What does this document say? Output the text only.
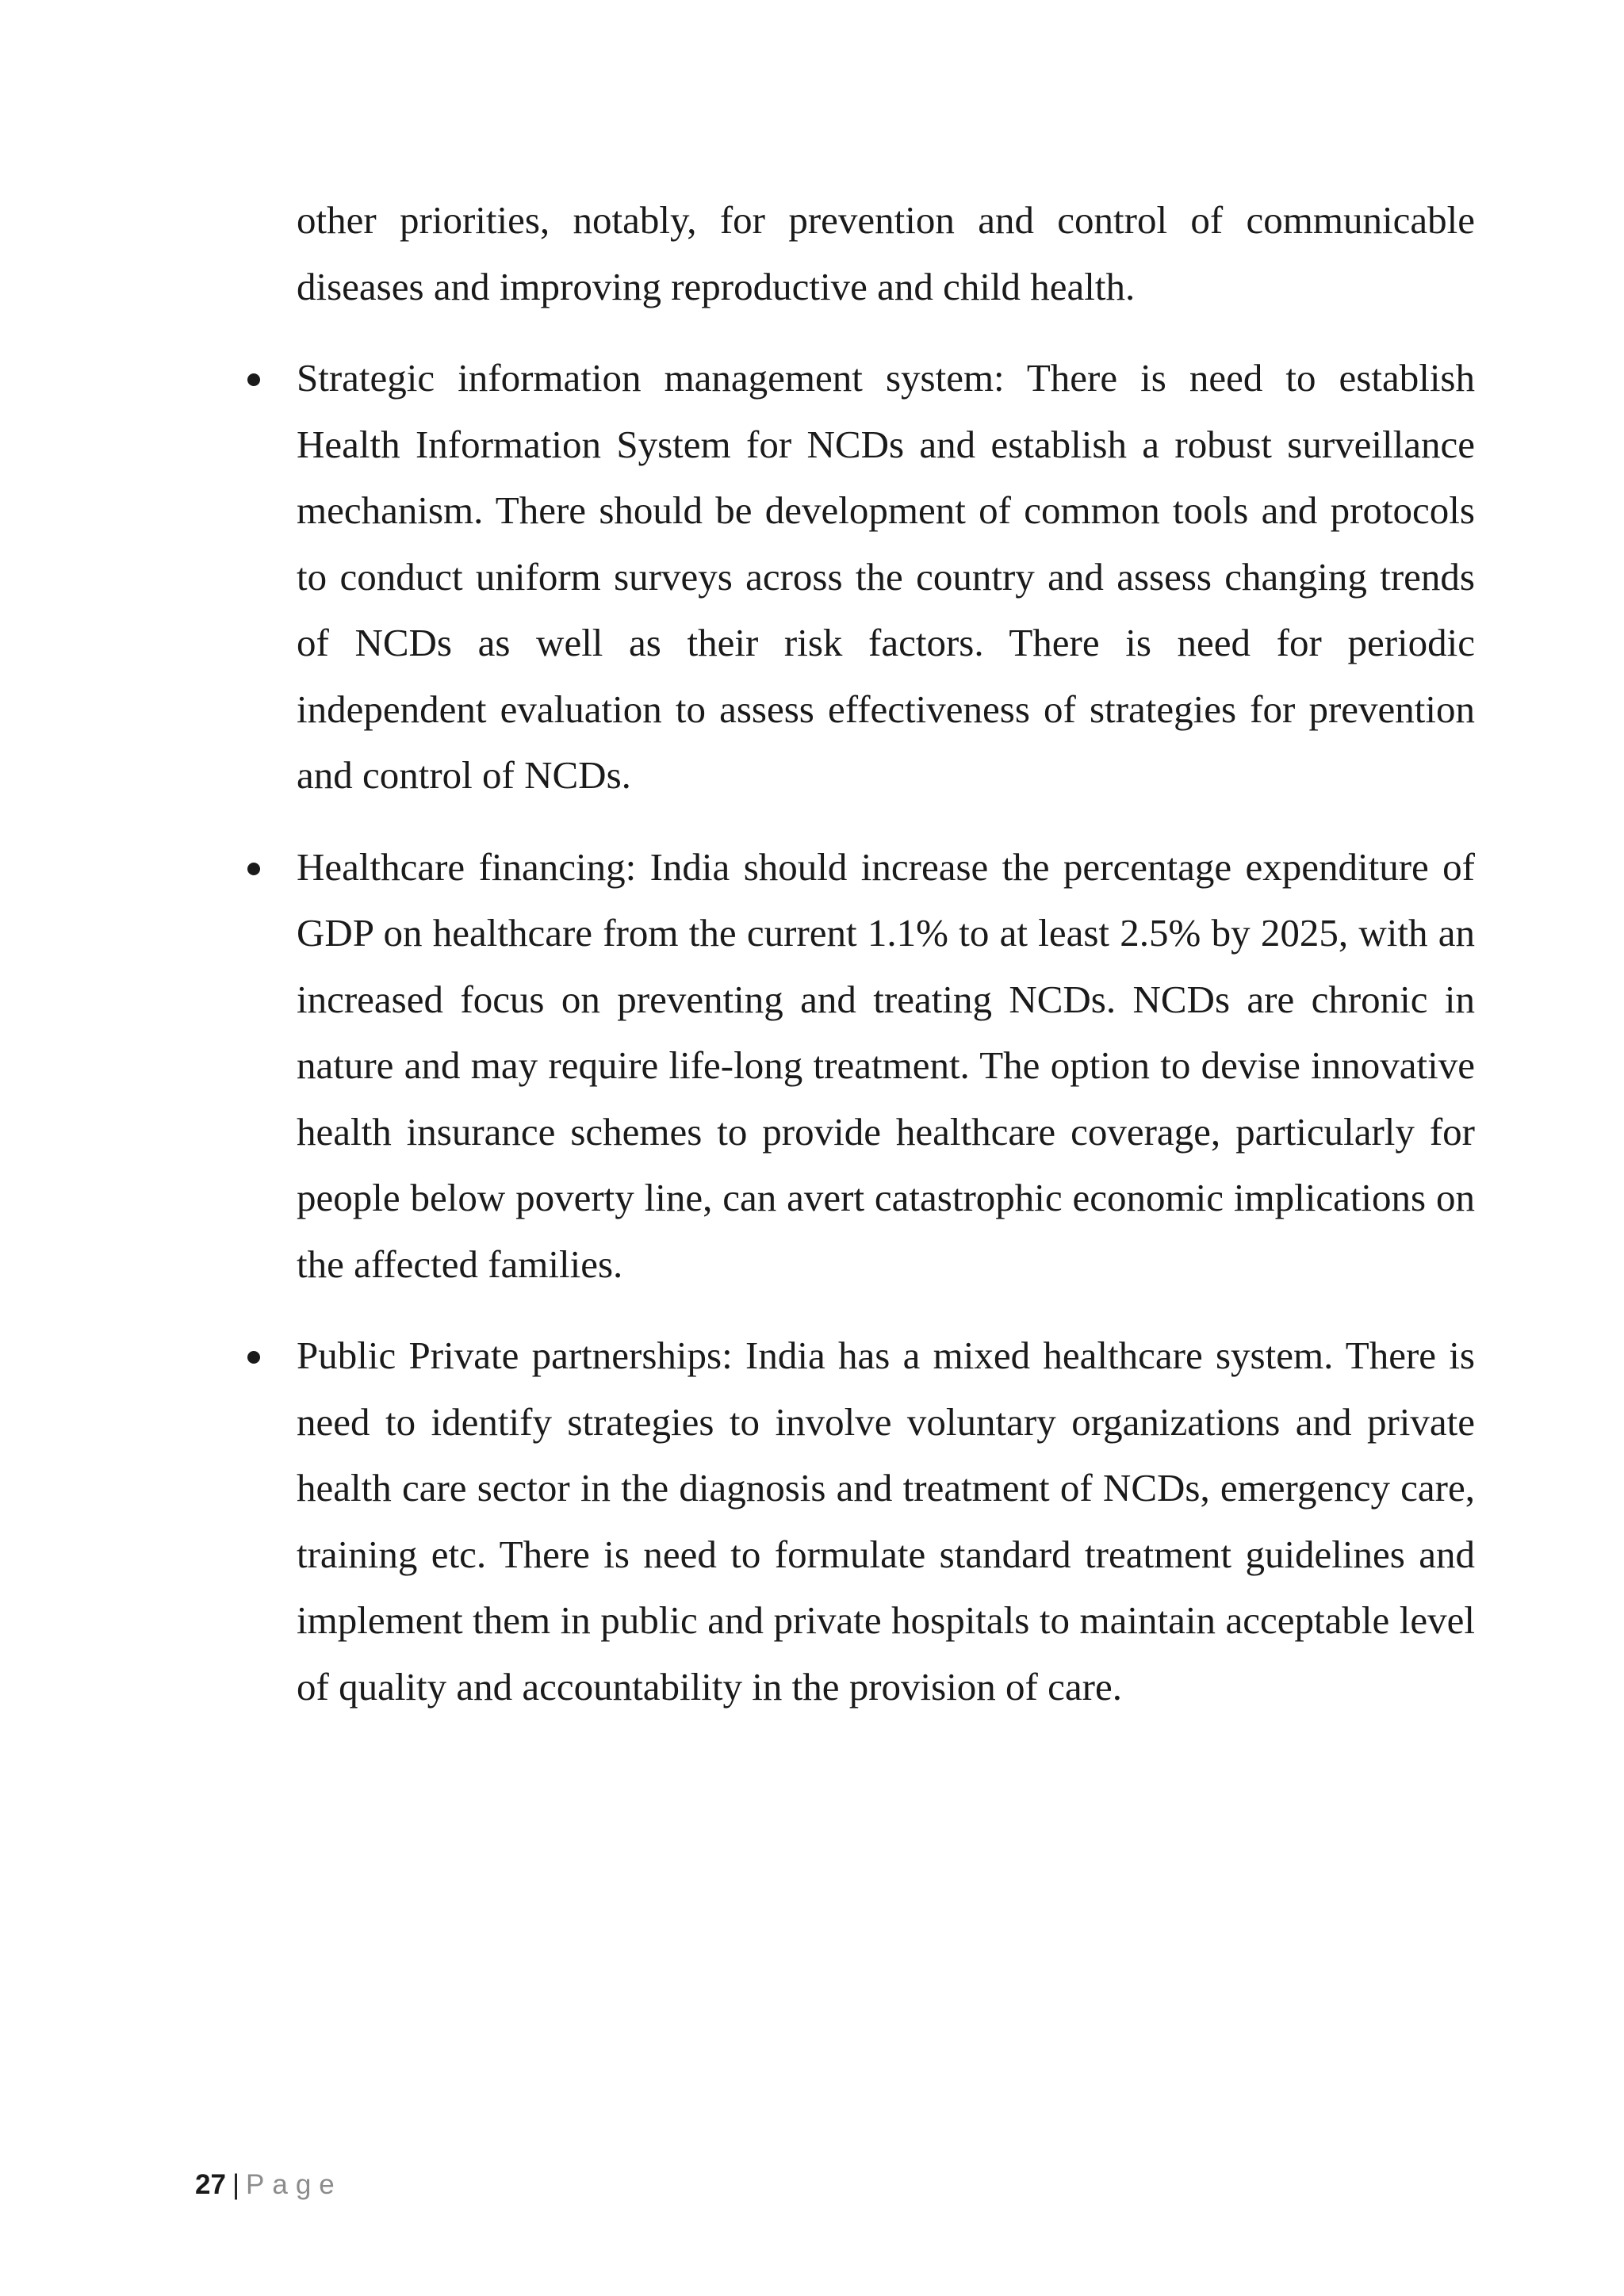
other priorities, notably, for prevention and control of communicable diseases and improving reproductive and child health.

Strategic information management system: There is need to establish Health Information System for NCDs and establish a robust surveillance mechanism. There should be development of common tools and protocols to conduct uniform surveys across the country and assess changing trends of NCDs as well as their risk factors. There is need for periodic independent evaluation to assess effectiveness of strategies for prevention and control of NCDs.

Healthcare financing: India should increase the percentage expenditure of GDP on healthcare from the current 1.1% to at least 2.5% by 2025, with an increased focus on preventing and treating NCDs. NCDs are chronic in nature and may require life-long treatment. The option to devise innovative health insurance schemes to provide healthcare coverage, particularly for people below poverty line, can avert catastrophic economic implications on the affected families.

Public Private partnerships: India has a mixed healthcare system. There is need to identify strategies to involve voluntary organizations and private health care sector in the diagnosis and treatment of NCDs, emergency care, training etc. There is need to formulate standard treatment guidelines and implement them in public and private hospitals to maintain acceptable level of quality and accountability in the provision of care.

27 | Page
